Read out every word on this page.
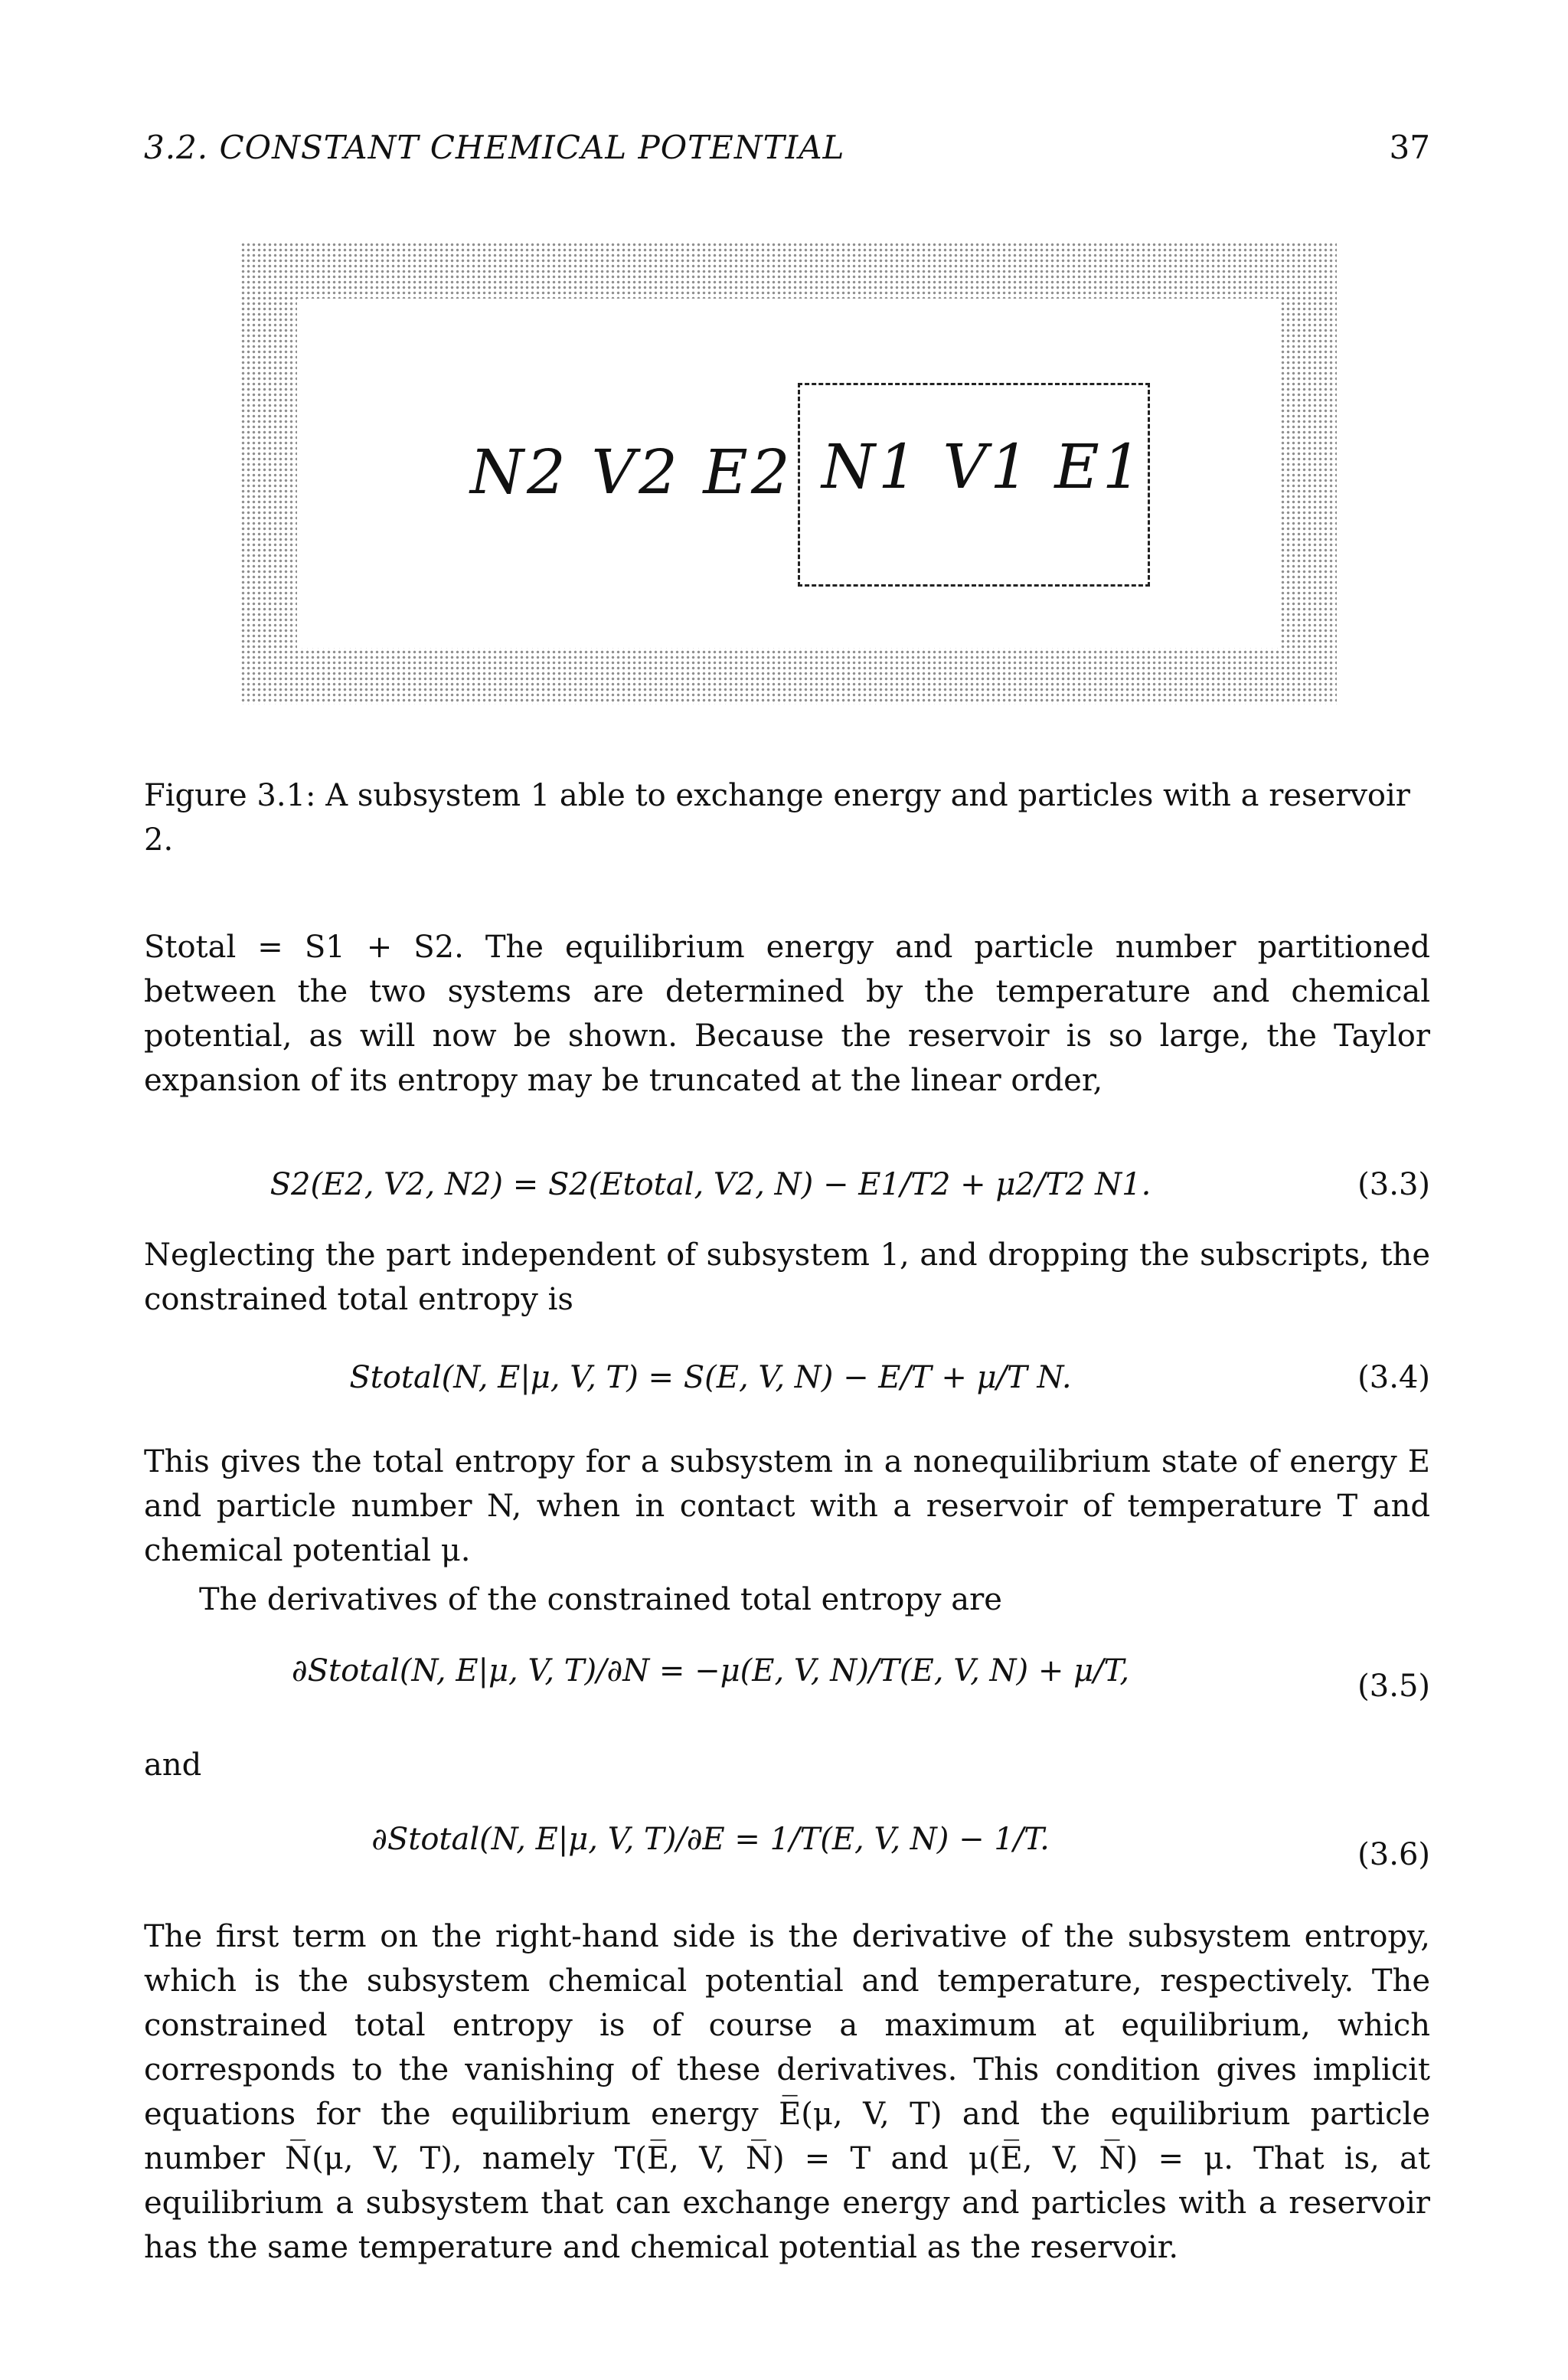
3.2. CONSTANT CHEMICAL POTENTIAL	37
N2 V2 E2 N1 V1 E1
Figure 3.1: A subsystem 1 able to exchange energy and particles with a reservoir 2.
Stotal = S1 + S2. The equilibrium energy and particle number partitioned between the two systems are determined by the temperature and chemical potential, as will now be shown. Because the reservoir is so large, the Taylor expansion of its entropy may be truncated at the linear order,
S2(E2, V2, N2) = S2(Etotal, V2, N) − E1/T2 + μ2/T2 N1.	(3.3)
Neglecting the part independent of subsystem 1, and dropping the subscripts, the constrained total entropy is
Stotal(N, E|μ, V, T) = S(E, V, N) − E/T + μ/T N.	(3.4)
This gives the total entropy for a subsystem in a nonequilibrium state of energy E and particle number N, when in contact with a reservoir of temperature T and chemical potential μ.
The derivatives of the constrained total entropy are
∂Stotal(N, E|μ, V, T)/∂N = −μ(E, V, N)/T(E, V, N) + μ/T,	(3.5)
and
∂Stotal(N, E|μ, V, T)/∂E = 1/T(E, V, N) − 1/T.	(3.6)
The first term on the right-hand side is the derivative of the subsystem entropy, which is the subsystem chemical potential and temperature, respectively. The constrained total entropy is of course a maximum at equilibrium, which corresponds to the vanishing of these derivatives. This condition gives implicit equations for the equilibrium energy E̅(μ, V, T) and the equilibrium particle number N̅(μ, V, T), namely T(E̅, V, N̅) = T and μ(E̅, V, N̅) = μ. That is, at equilibrium a subsystem that can exchange energy and particles with a reservoir has the same temperature and chemical potential as the reservoir.
